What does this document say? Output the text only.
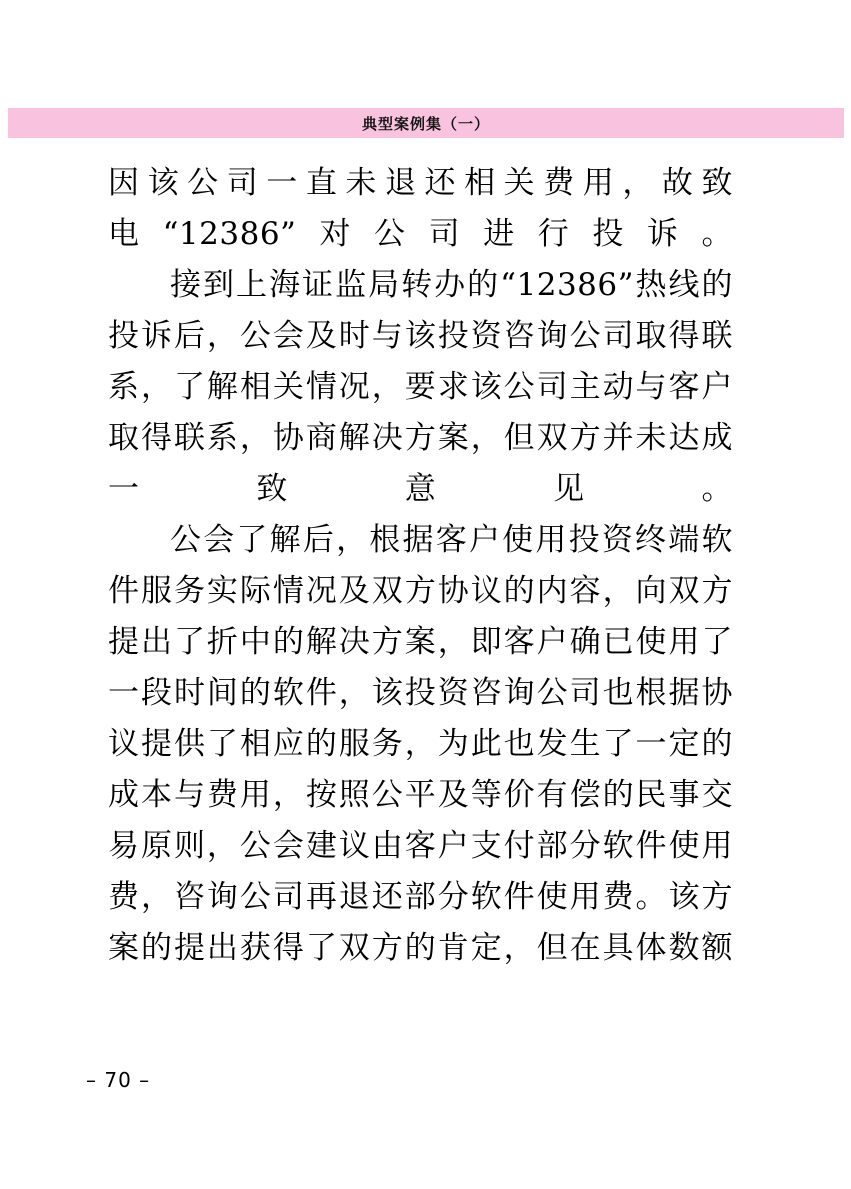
典型案例集（一）

因该公司一直未退还相关费用，故致电“12386”对公司进行投诉。

接到上海证监局转办的“12386”热线的投诉后，公会及时与该投资咨询公司取得联系，了解相关情况，要求该公司主动与客户取得联系，协商解决方案，但双方并未达成一致意见。

公会了解后，根据客户使用投资终端软件服务实际情况及双方协议的内容，向双方提出了折中的解决方案，即客户确已使用了一段时间的软件，该投资咨询公司也根据协议提供了相应的服务，为此也发生了一定的成本与费用，按照公平及等价有偿的民事交易原则，公会建议由客户支付部分软件使用费，咨询公司再退还部分软件使用费。该方案的提出获得了双方的肯定，但在具体数额

– 70 –
